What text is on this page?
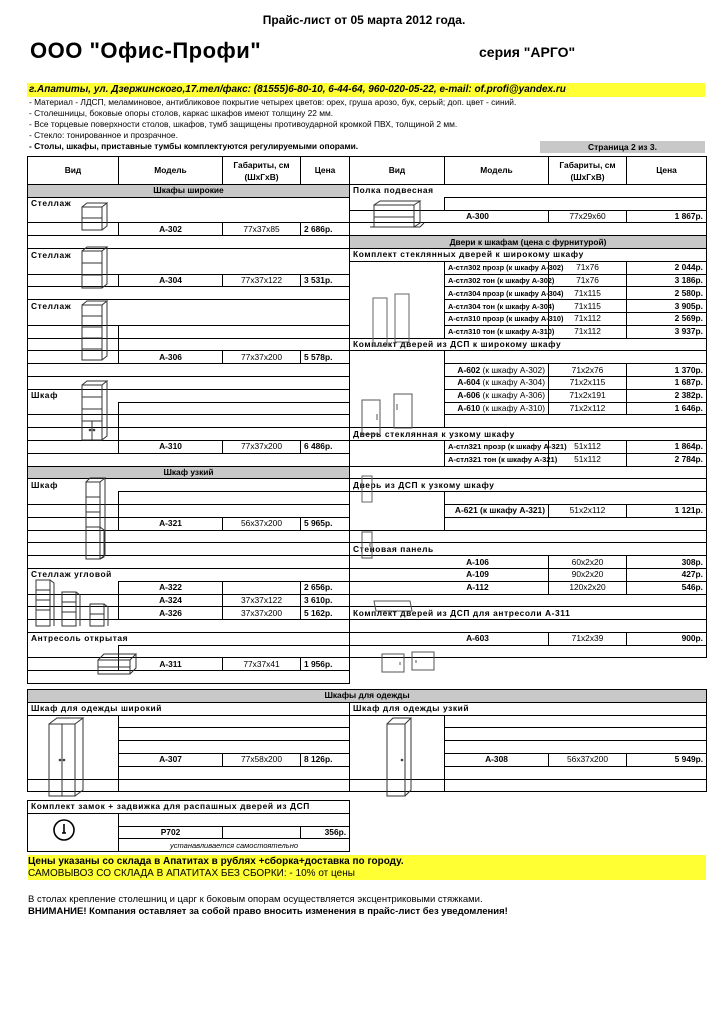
Прайс-лист от 05 марта 2012 года.
ООО "Офис-Профи"	серия "АРГО"
г.Апатиты, ул. Дзержинского,17.тел/факс: (81555)6-80-10, 6-44-64, 960-020-05-22, e-mail: of.profi@yandex.ru
- Материал - ЛДСП, меламиновое, антибликовое покрытие четырех цветов: орех, груша арозо, бук, серый; доп. цвет - синий.
- Столешницы, боковые опоры столов, каркас шкафов имеют толщину 22 мм.
- Все торцевые поверхности столов, шкафов, тумб защищены противоударной кромкой ПВХ, толщиной 2 мм.
- Стекло: тонированное и прозрачное.
- Столы, шкафы, приставные тумбы комплектуются регулируемыми опорами.	Страница 2 из 3.
Вид	Модель	Габариты, см (ШхГхВ)	Цена
Шкафы широкие			
Стеллаж			

	А-302	77x37x85	2 686р.

Стеллаж			

	А-304	77x37x122	3 531р.

Стеллаж			

	А-306	77x37x200	5 578р.

Шкаф			

	А-310	77x37x200	6 486р.

Шкаф узкий			
Шкаф			

	А-321	56x37x200	5 965р.

Стеллаж угловой			
	А-322		2 656р.
	А-324	37x37x122	3 610р.
	А-326	37x37x200	5 162р.

Антресоль открытая			

	А-311	77x37x41	1 956р.

Вид	Модель	Габариты, см (ШхГхВ)	Цена
Полка подвесная			

А-300		77x29x60	1 867р.

Двери к шкафам (цена с фурнитурой)			
Комплект стеклянных дверей к широкому шкафу			
	А-стл302 прозр (к шкафу А-302)	71x76	2 044р.
	А-стл302 тон (к шкафу А-302)	71x76	3 186р.
	А-стл304 прозр (к шкафу А-304)	71x115	2 580р.
	А-стл304 тон (к шкафу А-304)	71x115	3 905р.
	А-стл310 прозр (к шкафу А-310)	71x112	2 569р.
	А-стл310 тон (к шкафу А-310)	71x112	3 937р.
Комплект дверей из ДСП к широкому шкафу			

	А-602 (к шкафу А-302)	71x2x76	1 370р.
	А-604 (к шкафу А-304)	71x2x115	1 687р.
	А-606 (к шкафу А-306)	71x2x191	2 382р.
	А-610 (к шкафу А-310)	71x2x112	1 646р.

Дверь стеклянная к узкому шкафу			
	А-стл321 прозр (к шкафу А-321)	51x112	1 864р.
	А-стл321 тон (к шкафу А-321)	51x112	2 784р.

Дверь из ДСП к узкому шкафу			

	А-621 (к шкафу А-321)	51x2x112	1 121р.

Стеновая панель			
А-106		60x2x20	308р.
А-109		90x2x20	427р.
А-112		120x2x20	546р.

Комплект дверей из ДСП для антресоли А-311			

А-603		71x2x39	900р.

Шкафы для одежды							
Шкаф для одежды широкий				Шкаф для одежды узкий			

	А-307	77x58x200	8 126р.		А-308	56x37x200	5 949р.

Комплект замок + задвижка для распашных дверей из ДСП			

	Р702		356р.
	устанавливается самостоятельно		
Цены указаны со склада в Апатитах в рублях +сборка+доставка по городу.
САМОВЫВОЗ СО СКЛАДА В АПАТИТАХ БЕЗ СБОРКИ: - 10% от цены
В столах крепление столешниц и царг к боковым опорам осуществляется эксцентриковыми стяжками.
ВНИМАНИЕ! Компания оставляет за собой право вносить изменения в прайс-лист без уведомления!
